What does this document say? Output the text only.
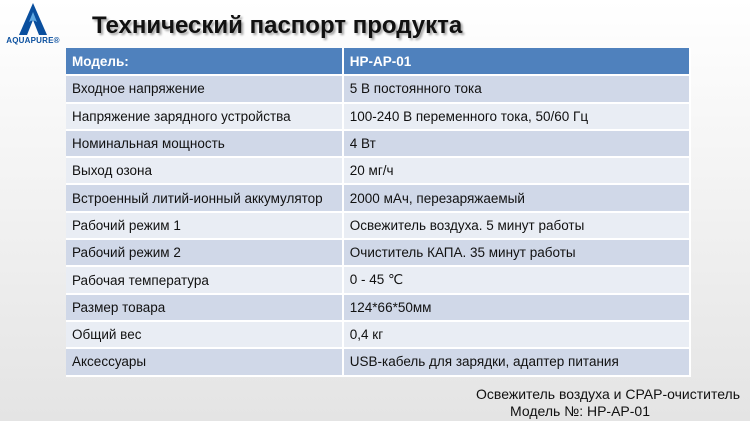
AQUAPURE®
Технический паспорт продукта
Модель:	HP-AP-01
Входное напряжение	5 В постоянного тока
Напряжение зарядного устройства	100-240 В переменного тока, 50/60 Гц
Номинальная мощность	4 Вт
Выход озона	20 мг/ч
Встроенный литий-ионный аккумулятор	2000 мАч, перезаряжаемый
Рабочий режим 1	Освежитель воздуха. 5 минут работы
Рабочий режим 2	Очиститель КАПА. 35 минут работы
Рабочая температура	0 - 45 ℃
Размер товара	124*66*50мм
Общий вес	0,4 кг
Аксессуары	USB-кабель для зарядки, адаптер питания
Освежитель воздуха и CPAP-очиститель
Модель №: HP-AP-01
